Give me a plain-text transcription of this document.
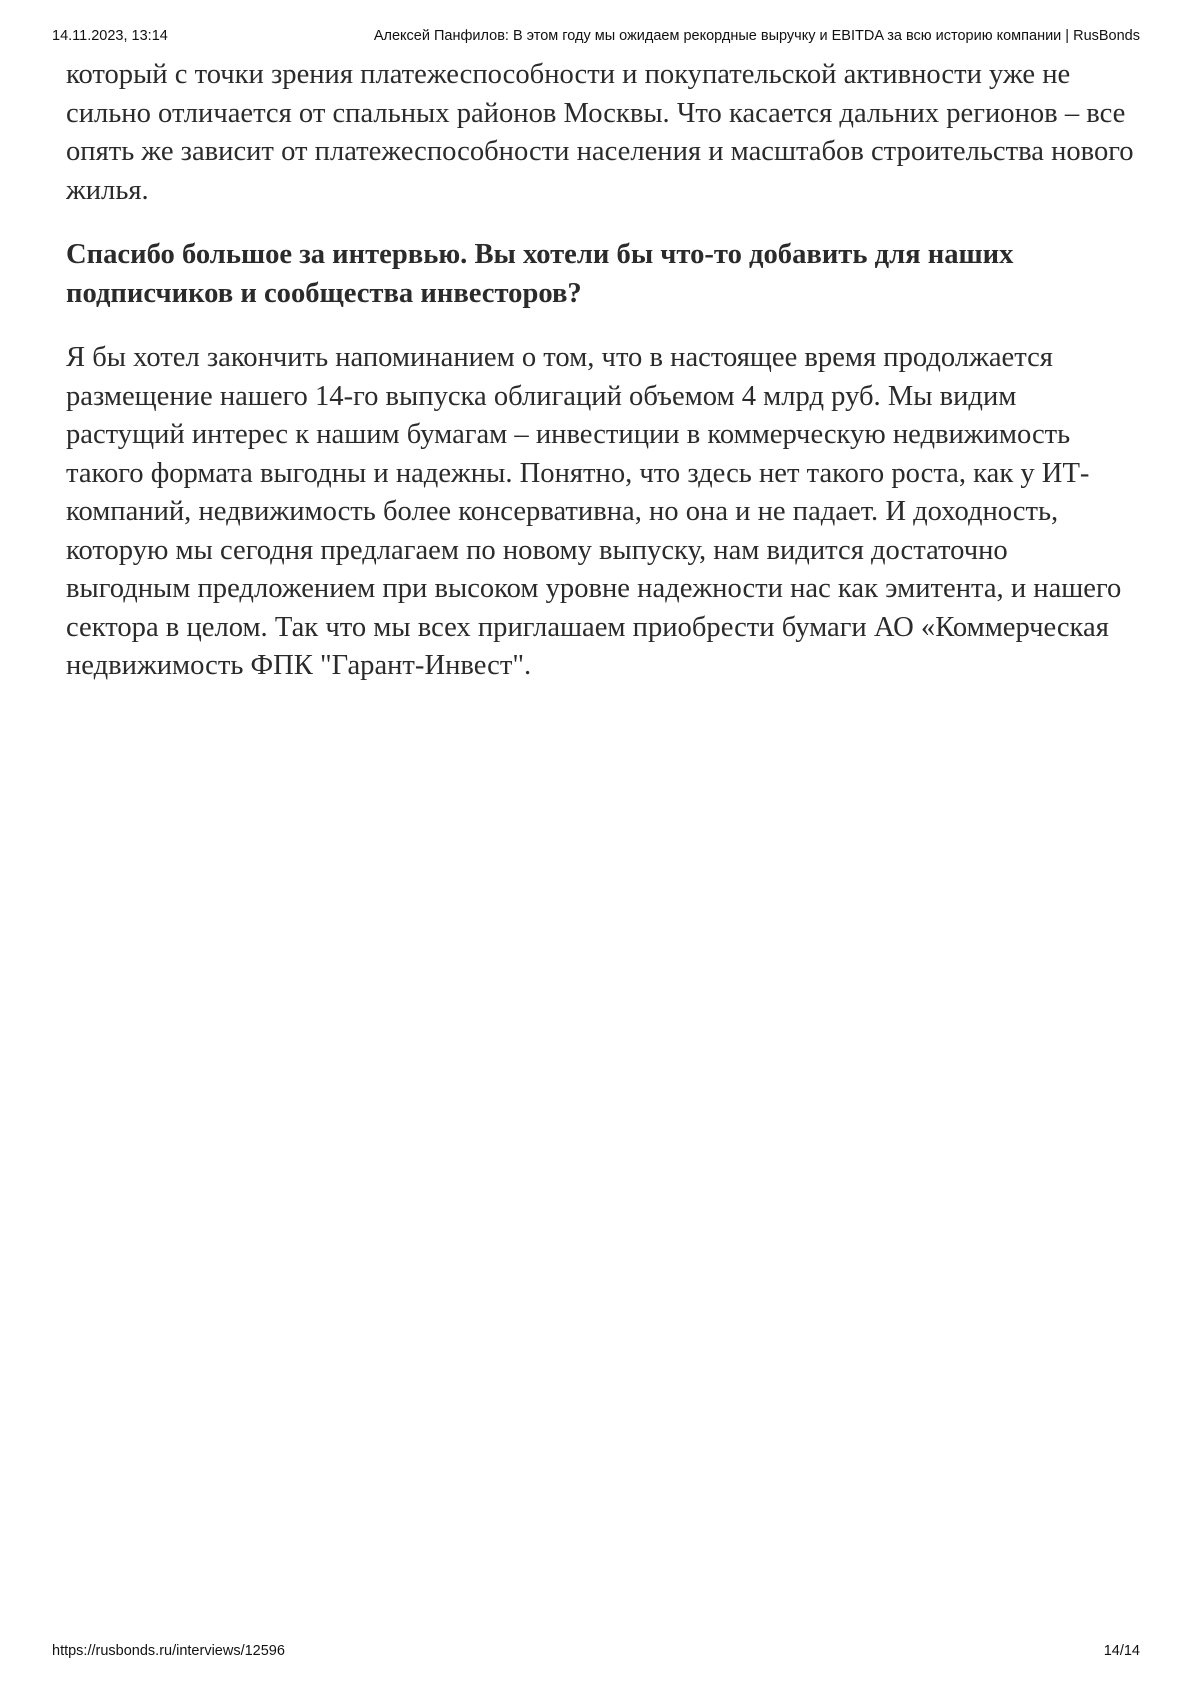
14.11.2023, 13:14	Алексей Панфилов: В этом году мы ожидаем рекордные выручку и EBITDA за всю историю компании | RusBonds

который с точки зрения платежеспособности и покупательской активности уже не сильно отличается от спальных районов Москвы. Что касается дальних регионов – все опять же зависит от платежеспособности населения и масштабов строительства нового жилья.

Спасибо большое за интервью. Вы хотели бы что-то добавить для наших подписчиков и сообщества инвесторов?

Я бы хотел закончить напоминанием о том, что в настоящее время продолжается размещение нашего 14-го выпуска облигаций объемом 4 млрд руб. Мы видим растущий интерес к нашим бумагам – инвестиции в коммерческую недвижимость такого формата выгодны и надежны. Понятно, что здесь нет такого роста, как у ИТ-компаний, недвижимость более консервативна, но она и не падает. И доходность, которую мы сегодня предлагаем по новому выпуску, нам видится достаточно выгодным предложением при высоком уровне надежности нас как эмитента, и нашего сектора в целом. Так что мы всех приглашаем приобрести бумаги АО «Коммерческая недвижимость ФПК "Гарант-Инвест".

https://rusbonds.ru/interviews/12596	14/14
